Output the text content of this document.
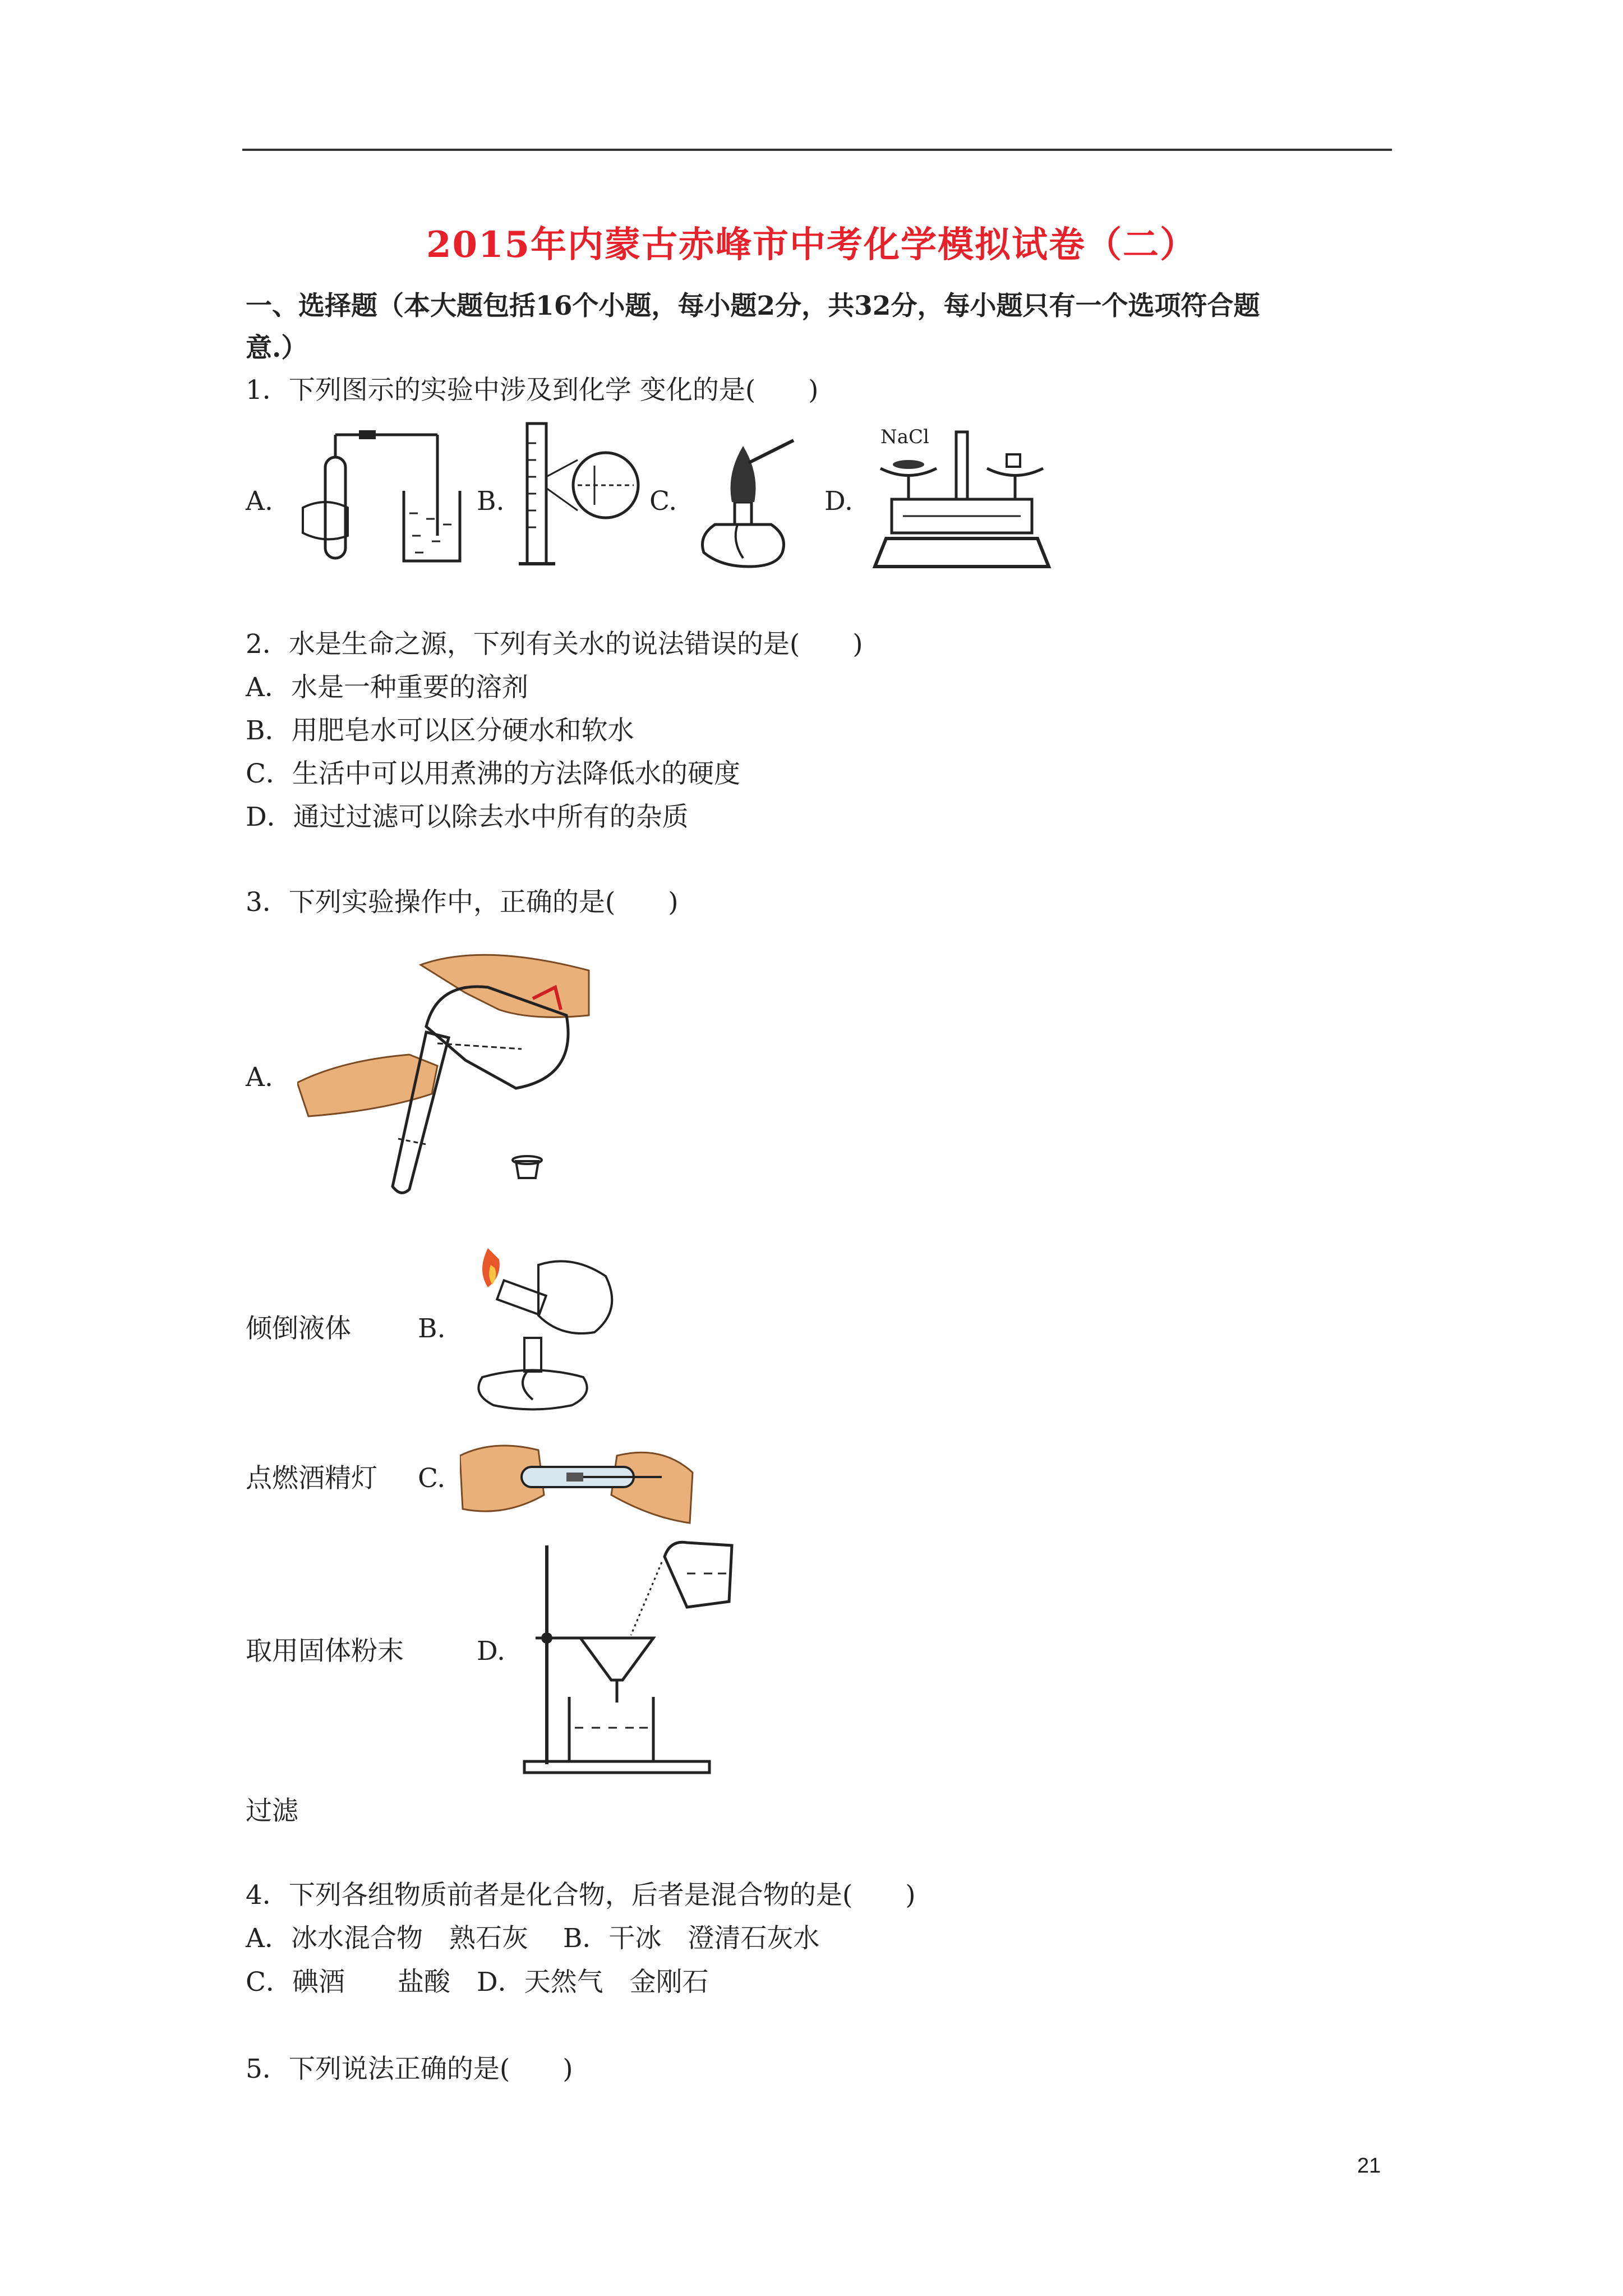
2015年内蒙古赤峰市中考化学模拟试卷（二）
一、选择题（本大题包括16个小题，每小题2分，共32分，每小题只有一个选项符合题
意.）
1．下列图示的实验中涉及到化学 变化的是(　　)
A.	B.	C.	D.
NaCl
2．水是生命之源，下列有关水的说法错误的是(　　)
A．水是一种重要的溶剂
B．用肥皂水可以区分硬水和软水
C．生活中可以用煮沸的方法降低水的硬度
D．通过过滤可以除去水中所有的杂质
3．下列实验操作中，正确的是(　　)
A.
倾倒液体	B.
点燃酒精灯 C.
取用固体粉末	D.
过滤
4．下列各组物质前者是化合物，后者是混合物的是(　　)
A．冰水混合物　熟石灰　 B．干冰　澄清石灰水
C．碘酒　　盐酸　D．天然气　金刚石
5．下列说法正确的是(　　)
21
